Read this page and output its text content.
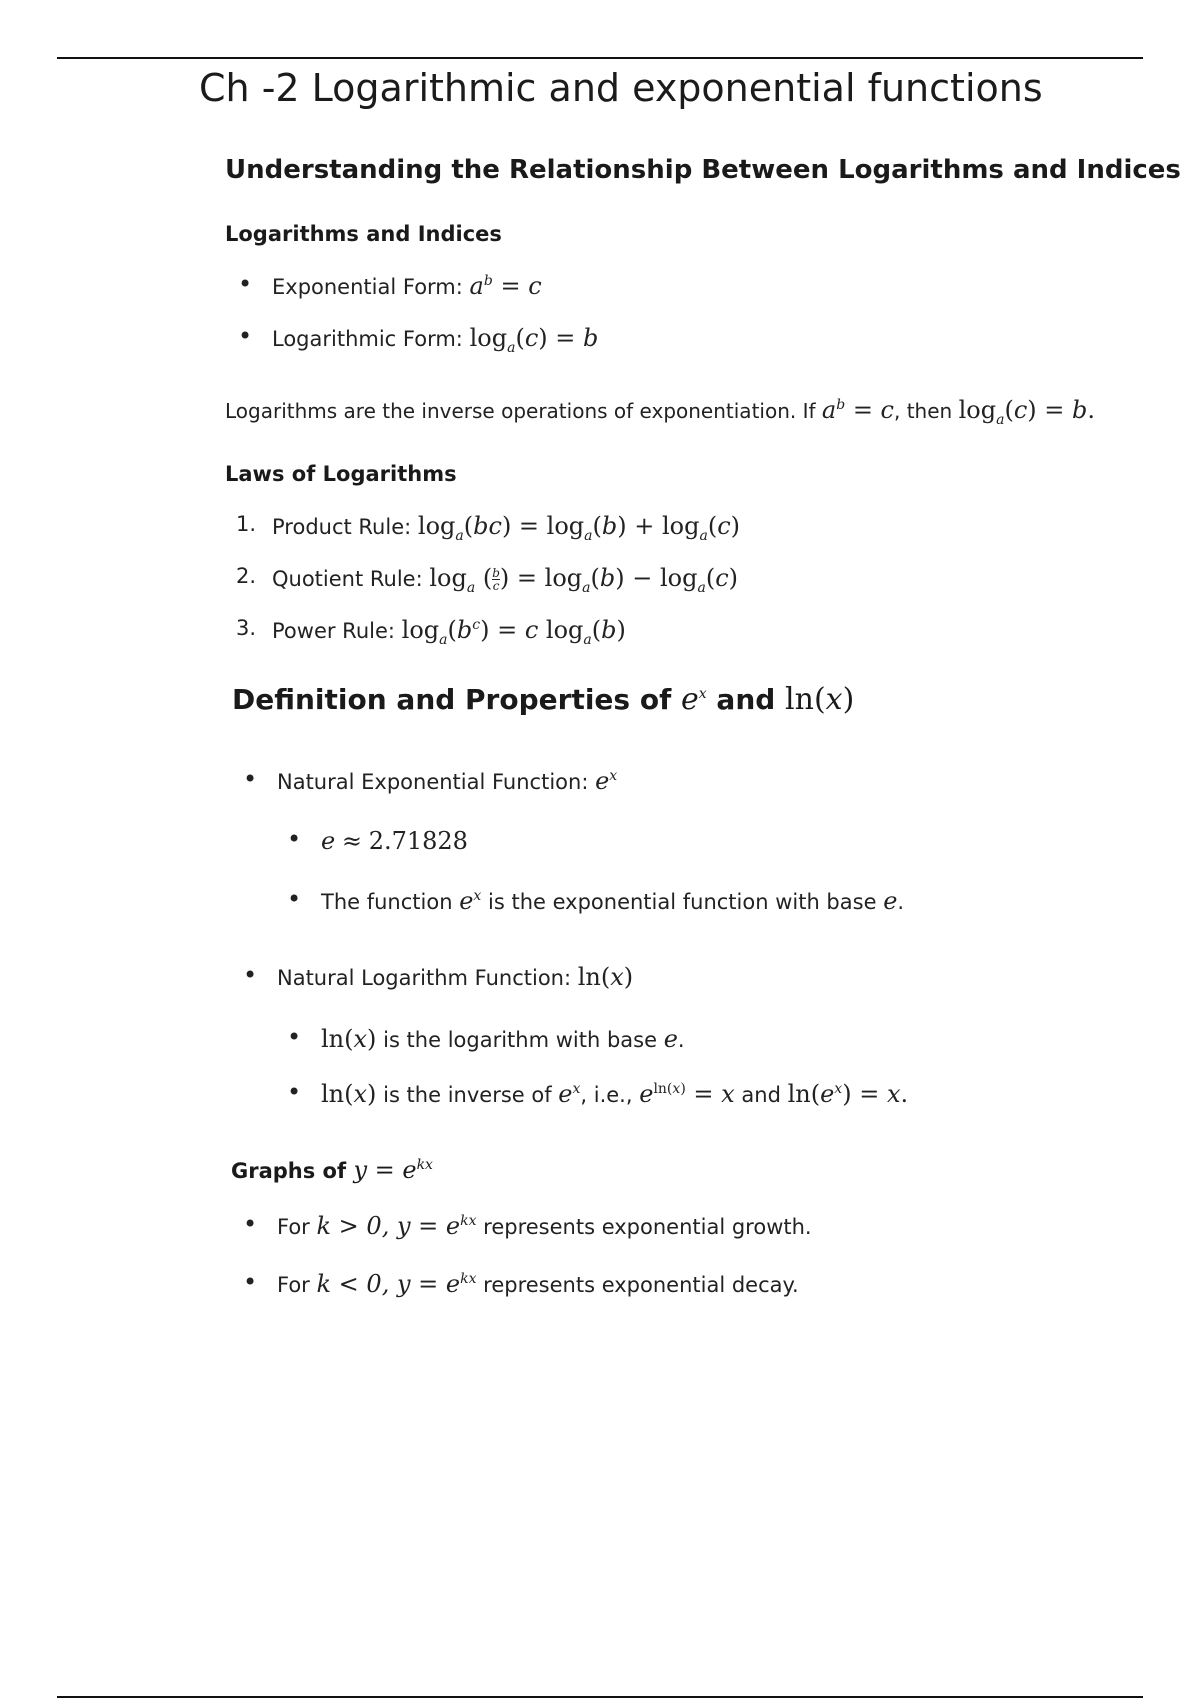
Ch -2 Logarithmic and exponential functions
Understanding the Relationship Between Logarithms and Indices
Logarithms and Indices
• Exponential Form: $a^b = c$
• Logarithmic Form: $\log_a(c) = b$
Logarithms are the inverse operations of exponentiation. If $a^b = c$, then $\log_a(c) = b$.
Laws of Logarithms
1. Product Rule: $\log_a(bc) = \log_a(b) + \log_a(c)$
2. Quotient Rule: $\log_a$ ( $\frac{b}{c}$ ) = $\log_a(b) - \log_a(c)$
3. Power Rule: $\log_a(b^c) = c$ $\log_a(b)$
Definition and Properties of $e^x$ and ln(x)
• Natural Exponential Function: $e^x$
• e ≈ 2.71828
• The function $e^x$ is the exponential function with base e.
• Natural Logarithm Function: ln(x)
• ln(x) is the logarithm with base e.
• ln(x) is the inverse of $e^x$, i.e., $e^{ln(x)} = x$ and $\ln(e^x) = x$.
Graphs of $y = e^{kx}$
• For k > 0, $y = e^{kx}$ represents exponential growth.
• For k < 0, $y = e^{kx}$ represents exponential decay.
